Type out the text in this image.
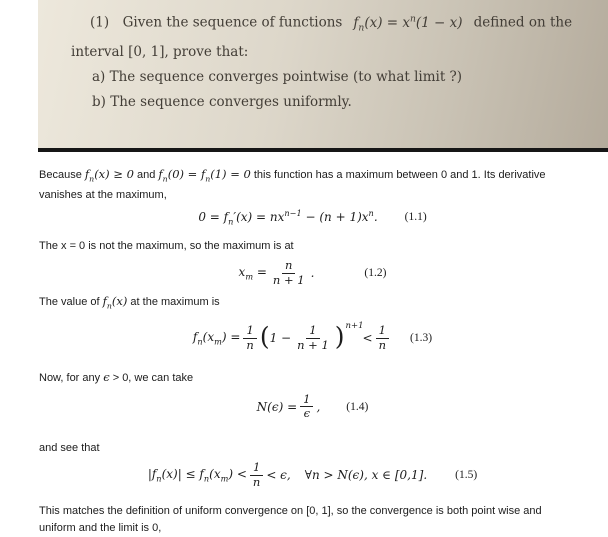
(1)  Given the sequence of functions  $f_n(x) = x^n(1 - x)$  defined on the
interval [0, 1], prove that:
a) The sequence converges pointwise (to what limit ?)
b) The sequence converges uniformly.
Because $f_n(x) \ge 0$ and $f_n(0) = f_n(1) = 0$ this function has a maximum between 0 and 1. Its derivative
vanishes at the maximum,
$0 = f_n'(x) = nx^{n-1} - (n + 1)x^n$. (1.1)
The x = 0 is not the maximum, so the maximum is at
$x_m = \frac{n}{n + 1}$ .	(1.2)
The value of $f_n(x)$ at the maximum is
$f_n(x_m) = \frac{1}{n}$ ( $1 - \frac{1}{n + 1}$ ) n+1
< $\frac{1}{n} (1.3)$
Now, for any ϵ > 0, we can take
$N(\epsilon) = \frac{1}{\epsilon}$ , (1.4)
and see that
$|f_n(x)| \le f_n(x_m) < \frac{1}{n} < \epsilon$, ∀n > N(ϵ), x ∈ [0,1]. (1.5)
This matches the definition of uniform convergence on [0, 1], so the convergence is both point wise and
uniform and the limit is 0,
